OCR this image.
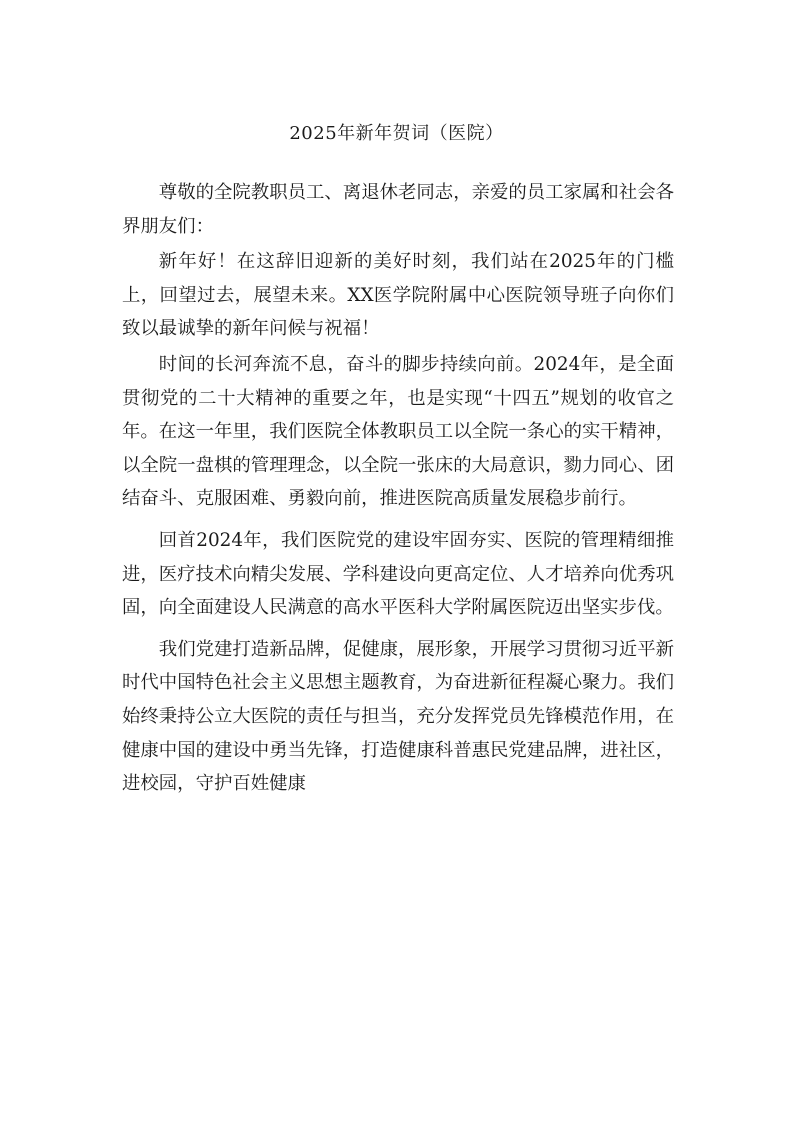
2025年新年贺词（医院）

尊敬的全院教职员工、离退休老同志，亲爱的员工家属和社会各界朋友们：

新年好！在这辞旧迎新的美好时刻，我们站在2025年的门槛上，回望过去，展望未来。XX医学院附属中心医院领导班子向你们致以最诚挚的新年问候与祝福！

时间的长河奔流不息，奋斗的脚步持续向前。2024年，是全面贯彻党的二十大精神的重要之年，也是实现“十四五”规划的收官之年。在这一年里，我们医院全体教职员工以全院一条心的实干精神，以全院一盘棋的管理理念，以全院一张床的大局意识，勠力同心、团结奋斗、克服困难、勇毅向前，推进医院高质量发展稳步前行。

回首2024年，我们医院党的建设牢固夯实、医院的管理精细推进，医疗技术向精尖发展、学科建设向更高定位、人才培养向优秀巩固，向全面建设人民满意的高水平医科大学附属医院迈出坚实步伐。

我们党建打造新品牌，促健康，展形象，开展学习贯彻习近平新时代中国特色社会主义思想主题教育，为奋进新征程凝心聚力。我们始终秉持公立大医院的责任与担当，充分发挥党员先锋模范作用，在健康中国的建设中勇当先锋，打造健康科普惠民党建品牌，进社区，进校园，守护百姓健康
